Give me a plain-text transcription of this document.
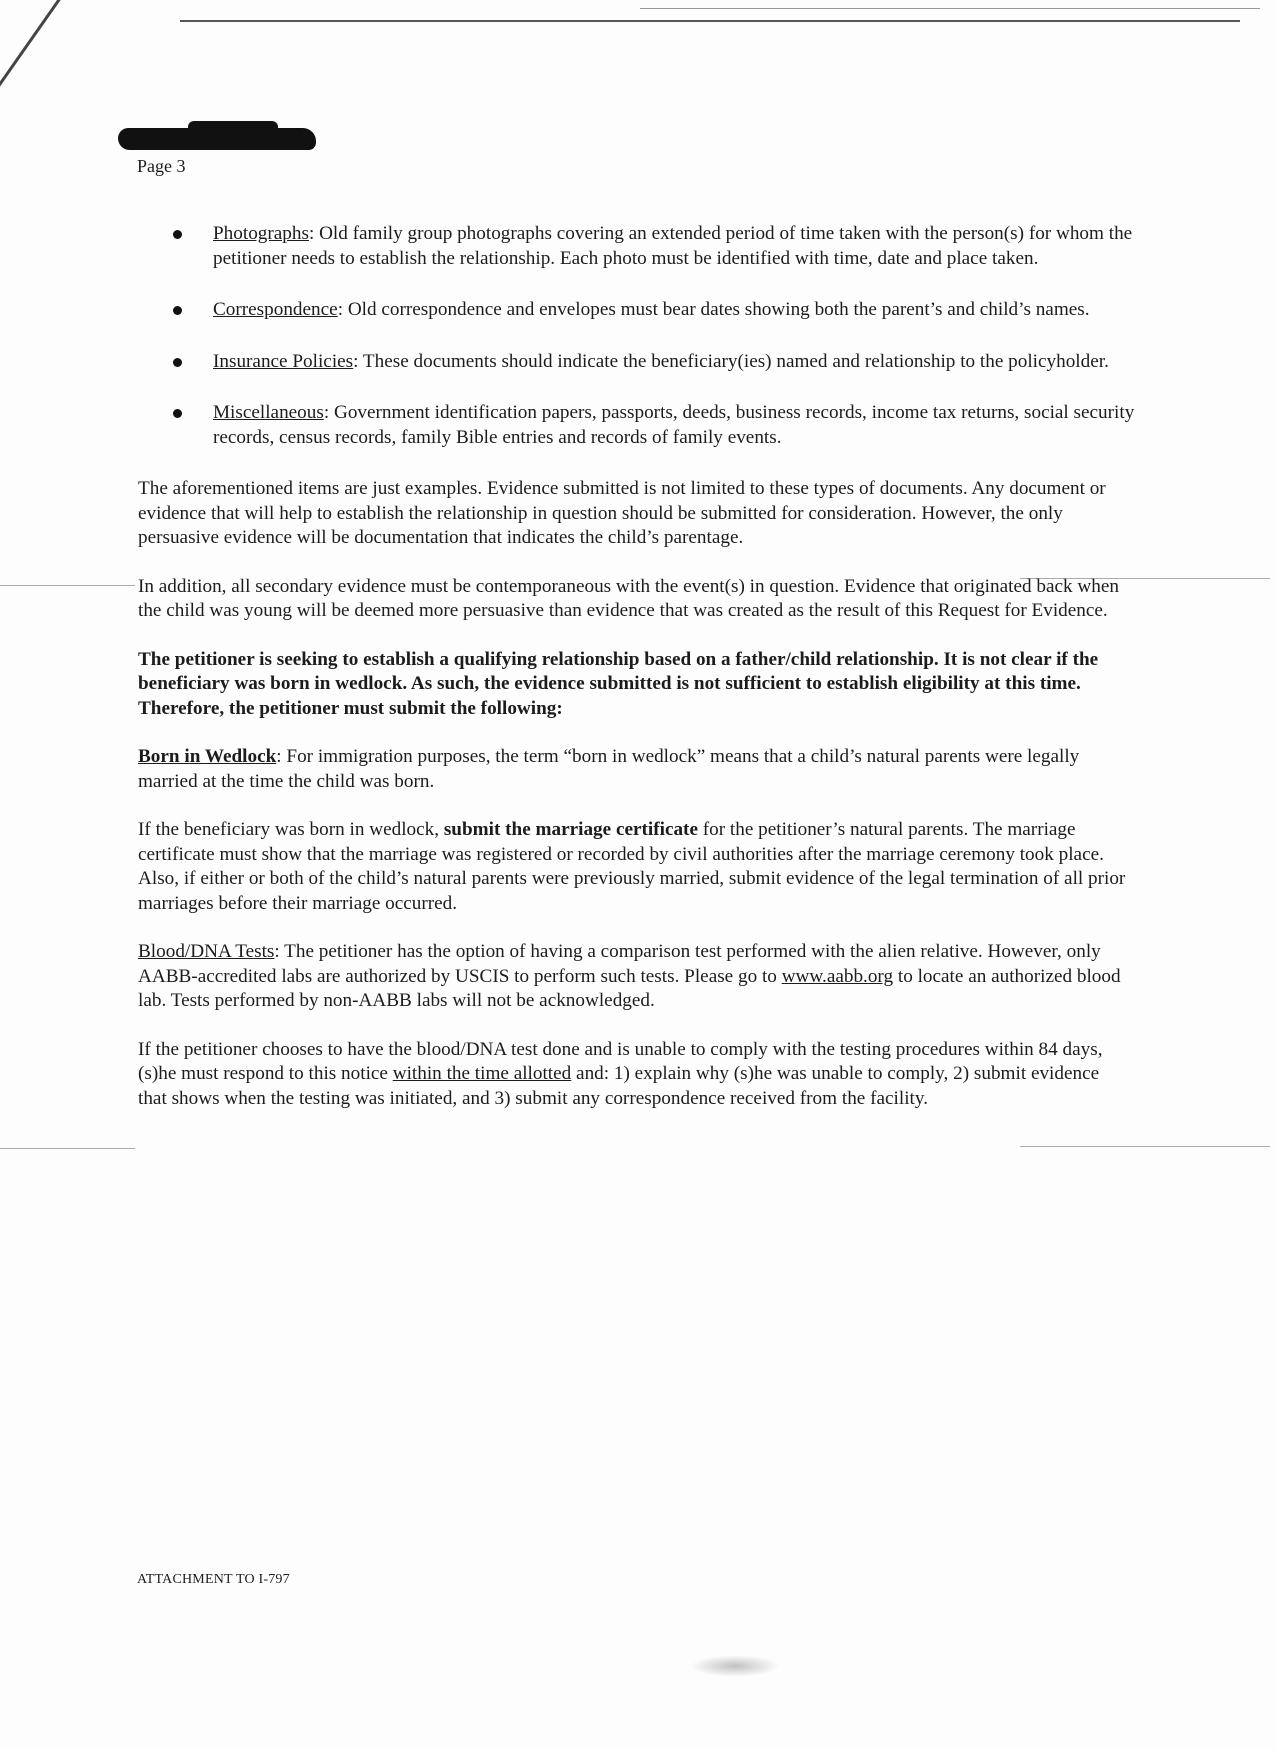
Page 3
Photographs: Old family group photographs covering an extended period of time taken with the person(s) for whom the petitioner needs to establish the relationship. Each photo must be identified with time, date and place taken.
Correspondence: Old correspondence and envelopes must bear dates showing both the parent’s and child’s names.
Insurance Policies: These documents should indicate the beneficiary(ies) named and relationship to the policyholder.
Miscellaneous: Government identification papers, passports, deeds, business records, income tax returns, social security records, census records, family Bible entries and records of family events.

The aforementioned items are just examples. Evidence submitted is not limited to these types of documents. Any document or evidence that will help to establish the relationship in question should be submitted for consideration. However, the only persuasive evidence will be documentation that indicates the child’s parentage.

In addition, all secondary evidence must be contemporaneous with the event(s) in question. Evidence that originated back when the child was young will be deemed more persuasive than evidence that was created as the result of this Request for Evidence.

The petitioner is seeking to establish a qualifying relationship based on a father/child relationship. It is not clear if the beneficiary was born in wedlock. As such, the evidence submitted is not sufficient to establish eligibility at this time. Therefore, the petitioner must submit the following:

Born in Wedlock: For immigration purposes, the term “born in wedlock” means that a child’s natural parents were legally married at the time the child was born.

If the beneficiary was born in wedlock, submit the marriage certificate for the petitioner’s natural parents. The marriage certificate must show that the marriage was registered or recorded by civil authorities after the marriage ceremony took place. Also, if either or both of the child’s natural parents were previously married, submit evidence of the legal termination of all prior marriages before their marriage occurred.

Blood/DNA Tests: The petitioner has the option of having a comparison test performed with the alien relative. However, only AABB-accredited labs are authorized by USCIS to perform such tests. Please go to www.aabb.org to locate an authorized blood lab. Tests performed by non-AABB labs will not be acknowledged.

If the petitioner chooses to have the blood/DNA test done and is unable to comply with the testing procedures within 84 days, (s)he must respond to this notice within the time allotted and: 1) explain why (s)he was unable to comply, 2) submit evidence that shows when the testing was initiated, and 3) submit any correspondence received from the facility.

ATTACHMENT TO I-797
